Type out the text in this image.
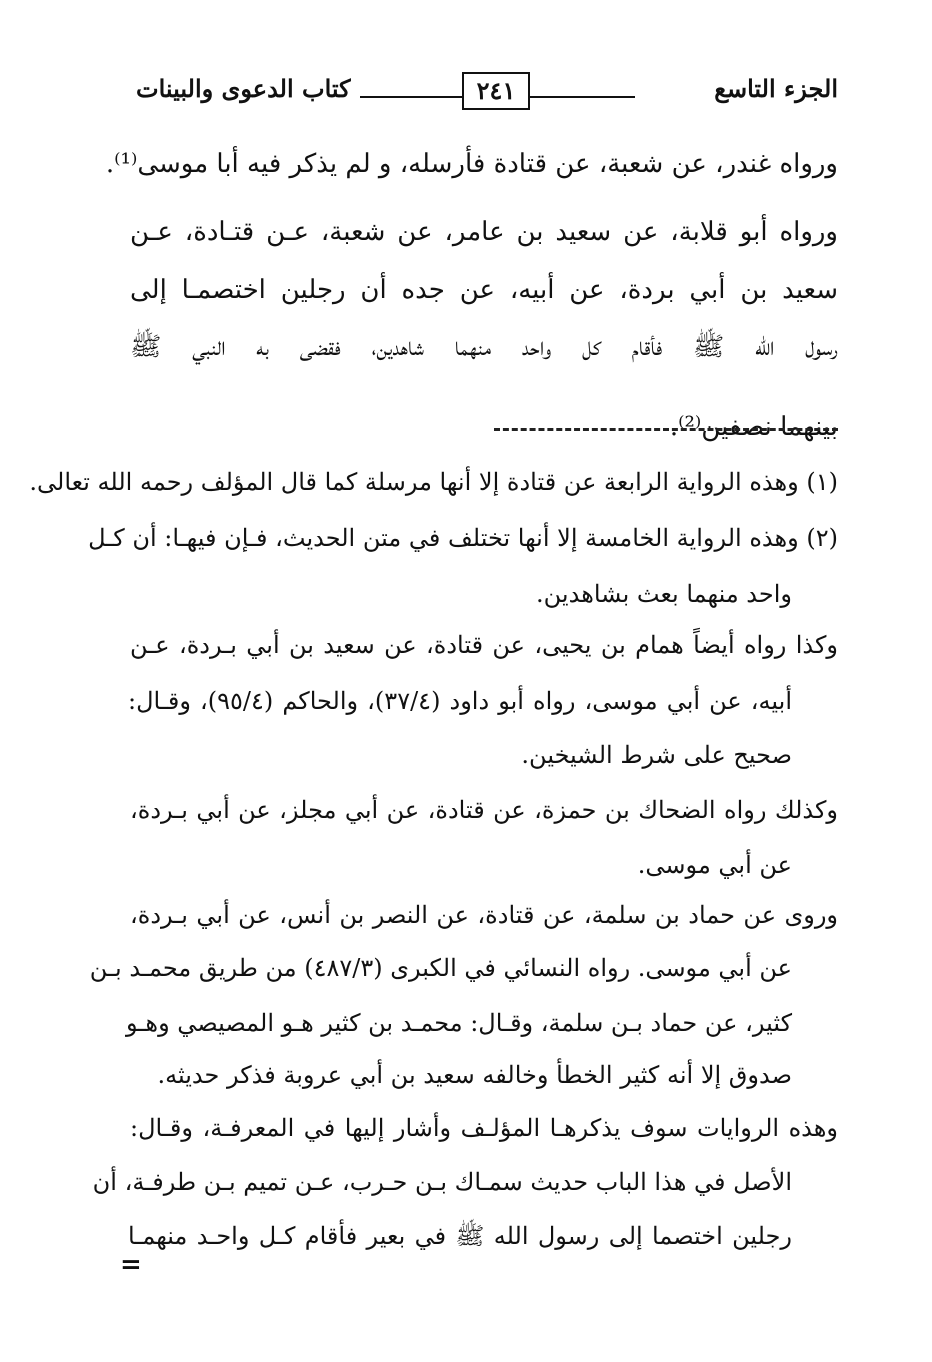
الجزء التاسع
٢٤١
كتاب الدعوى والبينات
ورواه غندر، عن شعبة، عن قتادة فأرسله، و لم يذكر فيه أبا موسى⁽¹⁾.
ورواه أبو قلابة، عن سعيد بن عامر، عن شعبة، عـن قتـادة، عـن
سعيد بن أبي بردة، عن أبيه، عن جده أن رجلين اختصمـا إلى
رسول الله ﷺ فأقام كل واحد منهما شاهدين، فقضى به النبي ﷺ
بينهما نصفين⁽²⁾.
(١) وهذه الرواية الرابعة عن قتادة إلا أنها مرسلة كما قال المؤلف رحمه الله تعالى.
(٢) وهذه الرواية الخامسة إلا أنها تختلف في متن الحديث، فـإن فيهـا: أن كـل
واحد منهما بعث بشاهدين.
وكذا رواه أيضاً همام بن يحيى، عن قتادة، عن سعيد بن أبي بـردة، عـن
أبيه، عن أبي موسى، رواه أبو داود (٣٧/٤)، والحاكم (٩٥/٤)، وقـال:
صحيح على شرط الشيخين.
وكذلك رواه الضحاك بن حمزة، عن قتادة، عن أبي مجلز، عن أبي بـردة،
عن أبي موسى.
وروى عن حماد بن سلمة، عن قتادة، عن النصر بن أنس، عن أبي بـردة،
عن أبي موسى. رواه النسائي في الكبرى (٤٨٧/٣) من طريق محمـد بـن
كثير، عن حماد بـن سلمة، وقـال: محمـد بن كثير هـو المصيصي وهـو
صدوق إلا أنه كثير الخطأ وخالفه سعيد بن أبي عروبة فذكر حديثه.
وهذه الروايات سوف يذكرهـا المؤلـف وأشار إليها في المعرفـة، وقـال:
الأصل في هذا الباب حديث سمـاك بـن حـرب، عـن تميم بـن طرفـة، أن
رجلين اختصما إلى رسول الله ﷺ في بعير فأقام كـل واحـد منهمـا
=
